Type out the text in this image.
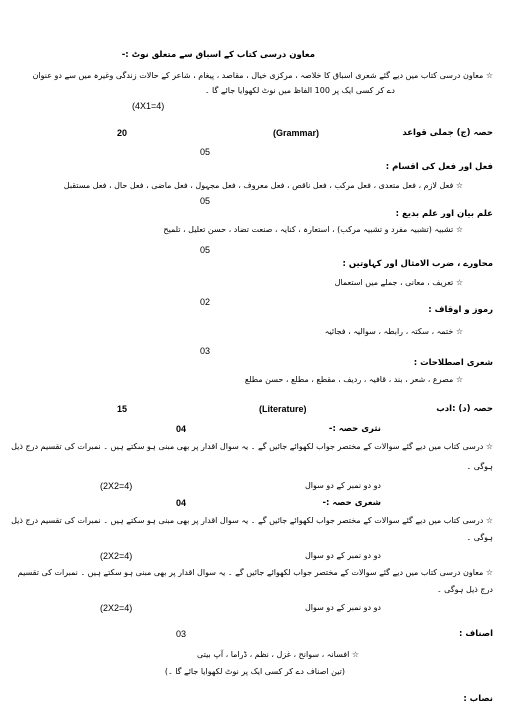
معاون درسی کتاب کے اسباق سے متعلق نوٹ :-
☆ معاون درسی کتاب میں دیے گئے شعری اسباق کا خلاصہ ، مرکزی خیال ، مقاصد ، پیغام ، شاعر کے حالات زندگی وغیرہ میں سے دو عنوان
دے کر کسی ایک پر 100 الفاظ میں نوٹ لکھوایا جائے گا ۔
(4X1=4)
20	(Grammar)	حصہ (ج) جملی قواعد
05
فعل اور فعل کی اقسام :
☆ فعل لازم ، فعل متعدی ، فعل مرکب ، فعل ناقص ، فعل معروف ، فعل مجہول ، فعل ماضی ، فعل حال ، فعل مستقبل
05
علم بیان اور علم بدیع :
☆ تشبیہ (تشبیہ مفرد و تشبیہ مرکب) ، استعارہ ، کنایہ ، صنعت تضاد ، حسن تعلیل ، تلمیح
05
محاورے ، ضرب الامثال اور کہاوتیں :
☆ تعریف ، معانی ، جملے میں استعمال
02
رموز و اوقاف :
☆ ختمہ ، سکتہ ، رابطہ ، سوالیہ ، فجائیہ
03
شعری اصطلاحات :
☆ مصرع ، شعر ، بند ، قافیہ ، ردیف ، مقطع ، مطلع ، حسن مطلع
15	(Literature)	حصہ (د) :ادب
04	نثری حصہ :-
☆ درسی کتاب میں دیے گئے سوالات کے مختصر جواب لکھوائے جائیں گے ۔ یہ سوال اقدار پر بھی مبنی ہو سکتے ہیں ۔ نمبرات کی تقسیم درج ذیل
ہوگی ۔
(2X2=4)	دو دو نمبر کے دو سوال
04	شعری حصہ :-
☆ درسی کتاب میں دیے گئے سوالات کے مختصر جواب لکھوائے جائیں گے ۔ یہ سوال اقدار پر بھی مبنی ہو سکتے ہیں ۔ نمبرات کی تقسیم درج ذیل
ہوگی ۔
(2X2=4)	دو دو نمبر کے دو سوال
☆ معاون درسی کتاب میں دیے گئے سوالات کے مختصر جواب لکھوائے جائیں گے ۔ یہ سوال اقدار پر بھی مبنی ہو سکتے ہیں ۔ نمبرات کی تقسیم
درج ذیل ہوگی ۔
(2X2=4)	دو دو نمبر کے دو سوال
03	اصناف :
☆ افسانہ ، سوانح ، غزل ، نظم ، ڈراما ، آپ بیتی
(تین اصناف دے کر کسی ایک پر نوٹ لکھوایا جائے گا ۔)
نصاب :
